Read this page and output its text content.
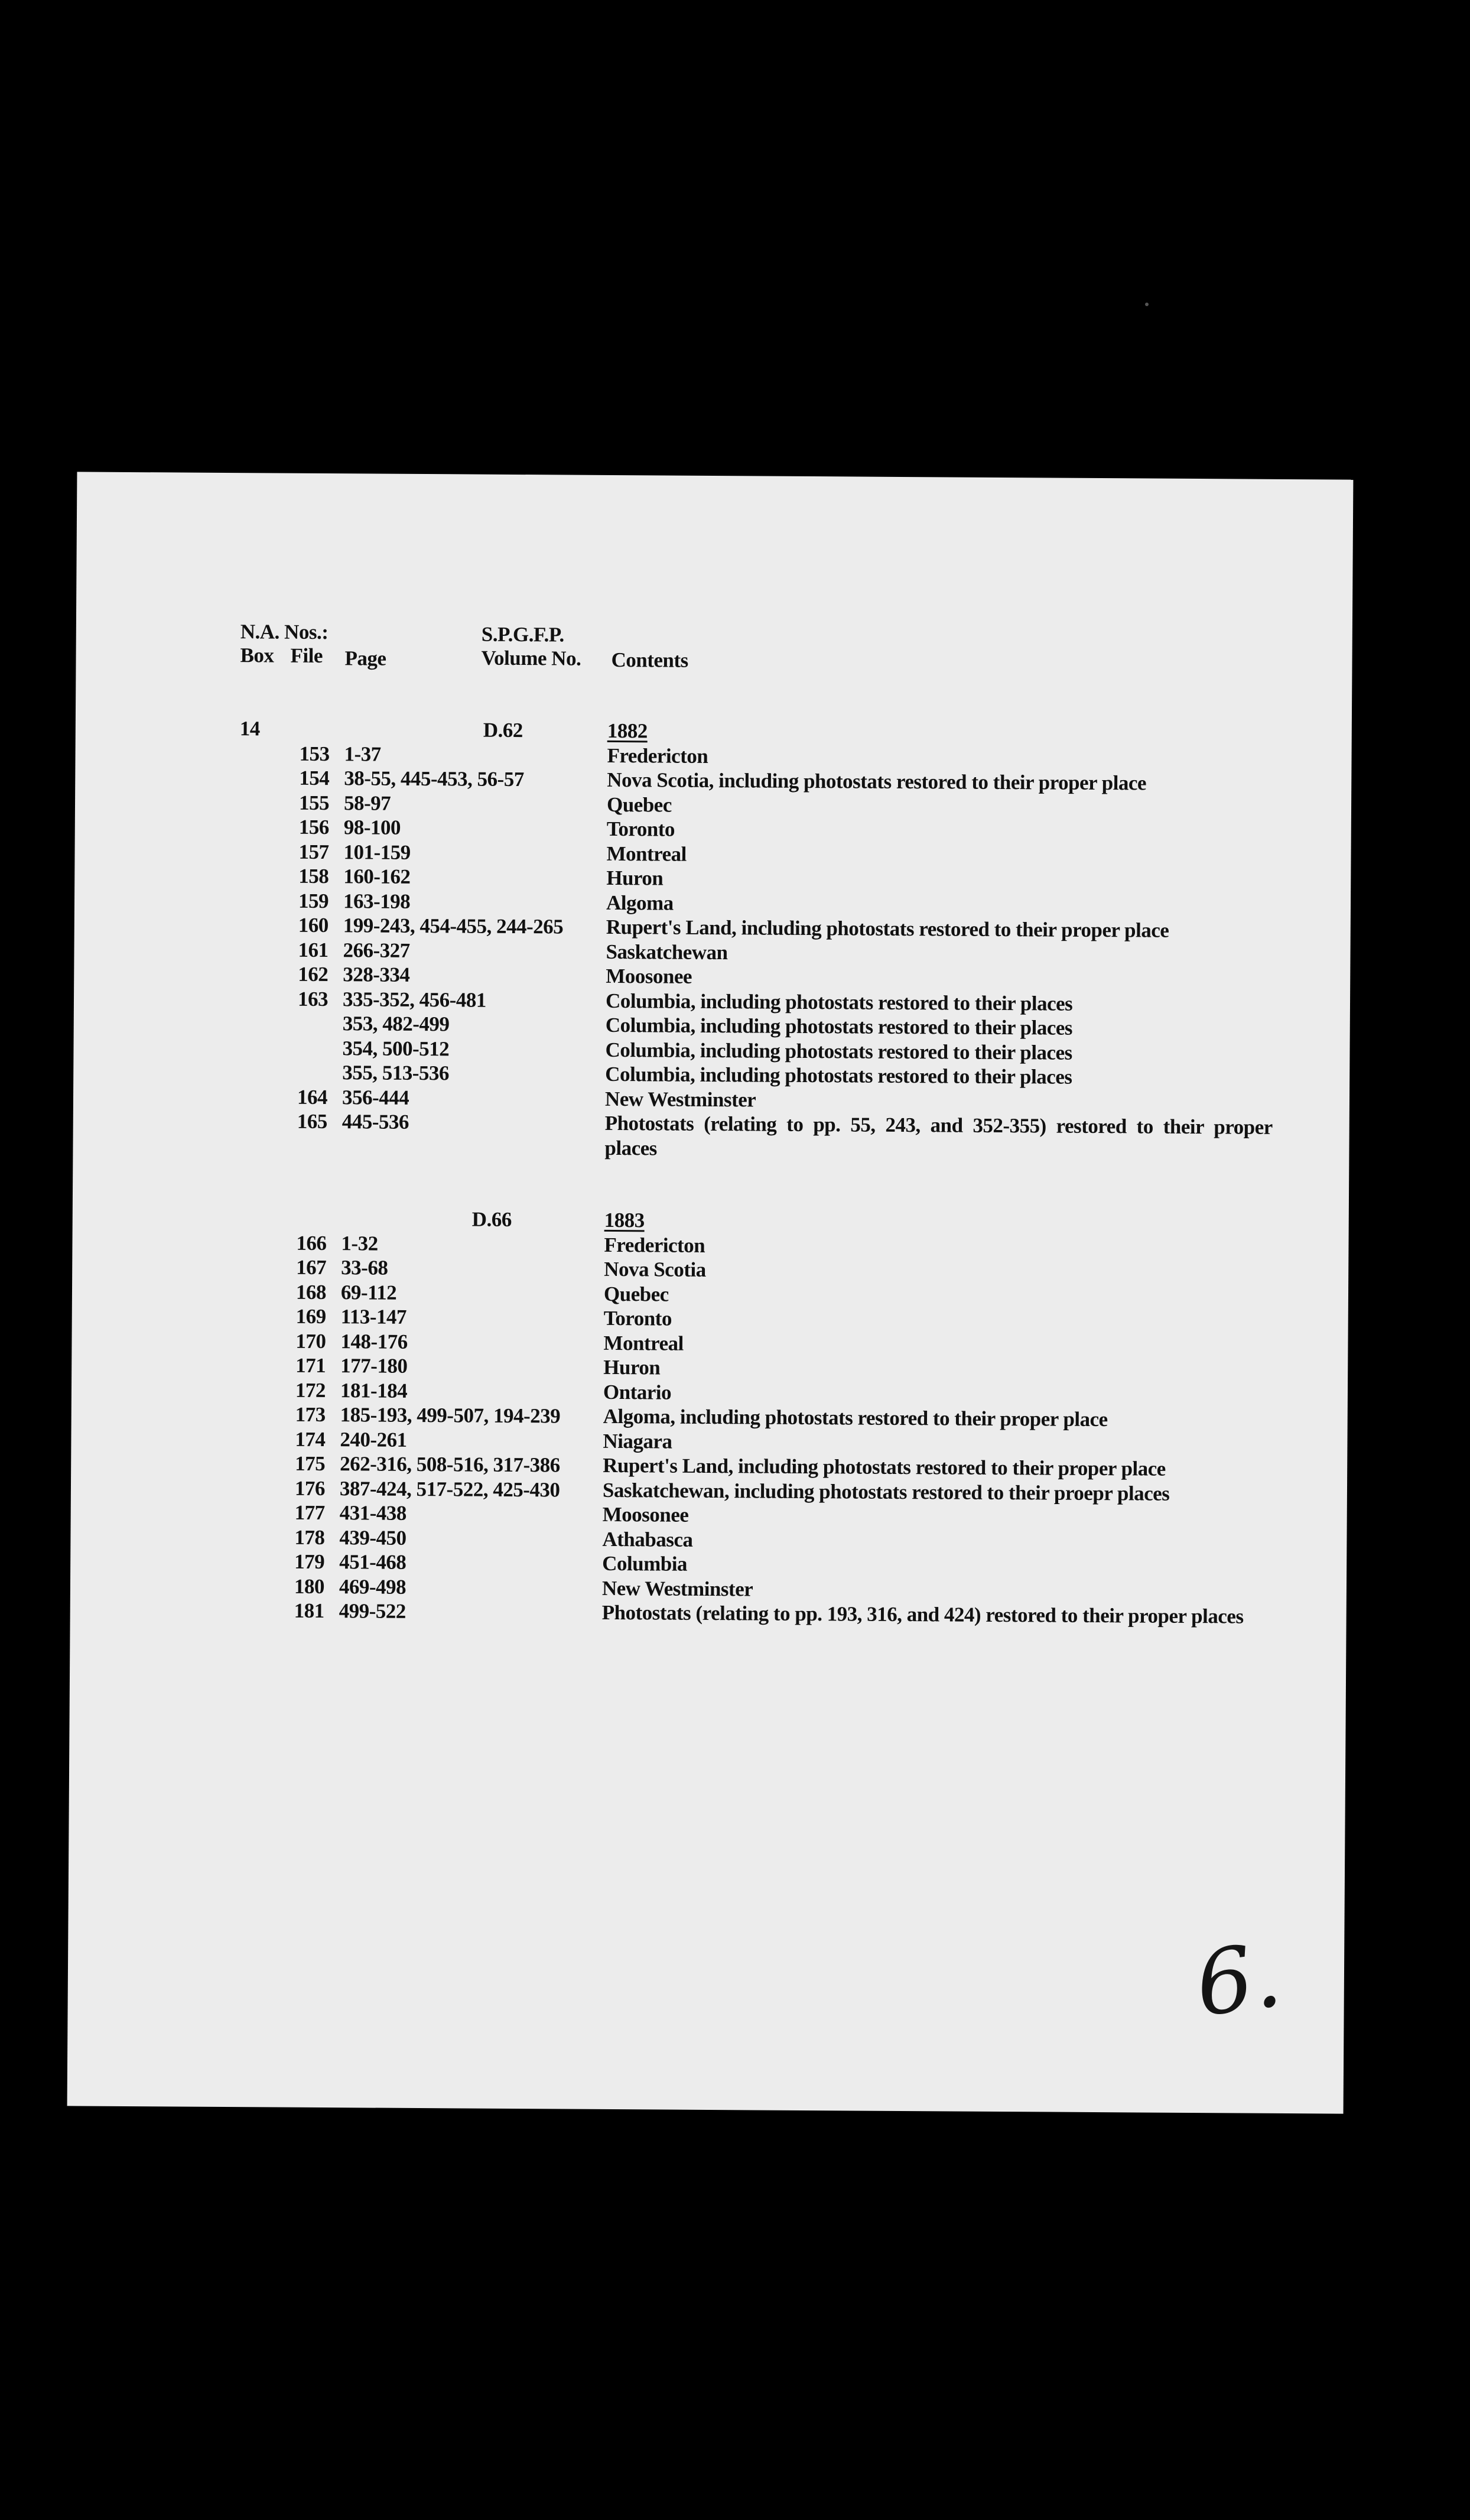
N.A. Nos.:
Box File Page
S.P.G.F.P.
Volume No. Contents
14	D.62	1882
153 1-37	Fredericton
154 38-55, 445-453, 56-57	Nova Scotia, including photostats restored to their proper place
155 58-97	Quebec
156 98-100	Toronto
157 101-159	Montreal
158 160-162	Huron
159 163-198	Algoma
160 199-243, 454-455, 244-265 Rupert's Land, including photostats restored to their proper place
161 266-327	Saskatchewan
162 328-334	Moosonee
163 335-352, 456-481	Columbia, including photostats restored to their places
353, 482-499	Columbia, including photostats restored to their places
354, 500-512	Columbia, including photostats restored to their places
355, 513-536	Columbia, including photostats restored to their places
164 356-444	New Westminster
165 445-536	Photostats (relating to pp. 55, 243, and 352-355) restored to their proper places
D.66	1883
166 1-32	Fredericton
167 33-68	Nova Scotia
168 69-112	Quebec
169 113-147	Toronto
170 148-176	Montreal
171 177-180	Huron
172 181-184	Ontario
173 185-193, 499-507, 194-239 Algoma, including photostats restored to their proper place
174 240-261	Niagara
175 262-316, 508-516, 317-386 Rupert's Land, including photostats restored to their proper place
176 387-424, 517-522, 425-430 Saskatchewan, including photostats restored to their proepr places
177 431-438	Moosonee
178 439-450	Athabasca
179 451-468	Columbia
180 469-498	New Westminster
181 499-522	Photostats (relating to pp. 193, 316, and 424) restored to their proper places
6.
